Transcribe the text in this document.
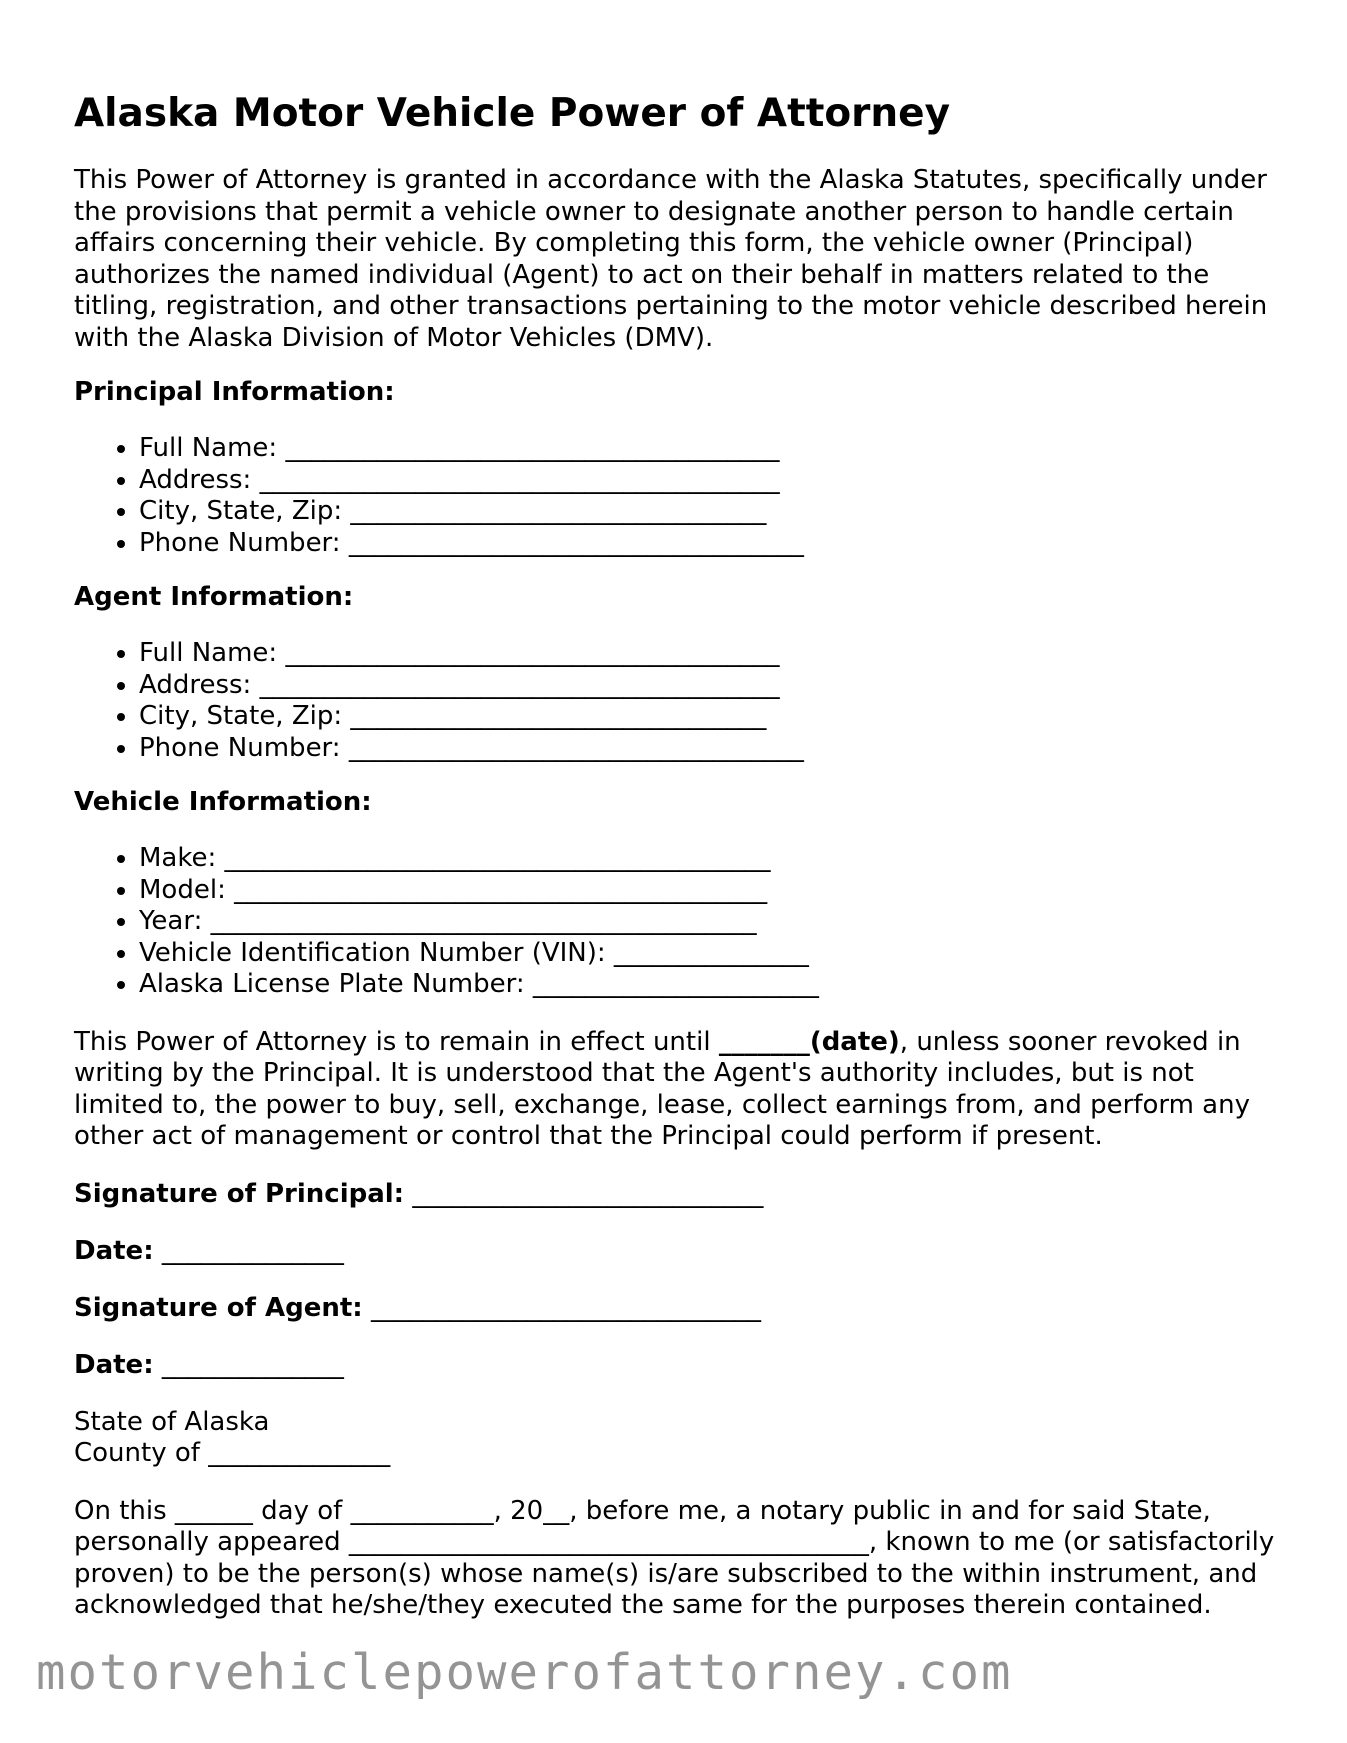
Alaska Motor Vehicle Power of Attorney

This Power of Attorney is granted in accordance with the Alaska Statutes, specifically under the provisions that permit a vehicle owner to designate another person to handle certain affairs concerning their vehicle. By completing this form, the vehicle owner (Principal) authorizes the named individual (Agent) to act on their behalf in matters related to the titling, registration, and other transactions pertaining to the motor vehicle described herein with the Alaska Division of Motor Vehicles (DMV).

Principal Information:
• Full Name: ______________________________________
• Address: ________________________________________
• City, State, Zip: ________________________________
• Phone Number: ___________________________________
Agent Information:
• Full Name: ______________________________________
• Address: ________________________________________
• City, State, Zip: ________________________________
• Phone Number: ___________________________________
Vehicle Information:
• Make: __________________________________________
• Model: _________________________________________
• Year: __________________________________________
• Vehicle Identification Number (VIN): _______________
• Alaska License Plate Number: ______________________

This Power of Attorney is to remain in effect until _______(date), unless sooner revoked in writing by the Principal. It is understood that the Agent's authority includes, but is not limited to, the power to buy, sell, exchange, lease, collect earnings from, and perform any other act of management or control that the Principal could perform if present.

Signature of Principal: ___________________________

Date: ______________

Signature of Agent: ______________________________

Date: ______________

State of Alaska
County of ______________

On this ______ day of ___________, 20__, before me, a notary public in and for said State, personally appeared ________________________________________, known to me (or satisfactorily proven) to be the person(s) whose name(s) is/are subscribed to the within instrument, and acknowledged that he/she/they executed the same for the purposes therein contained.

motorvehiclepowerofattorney.com
